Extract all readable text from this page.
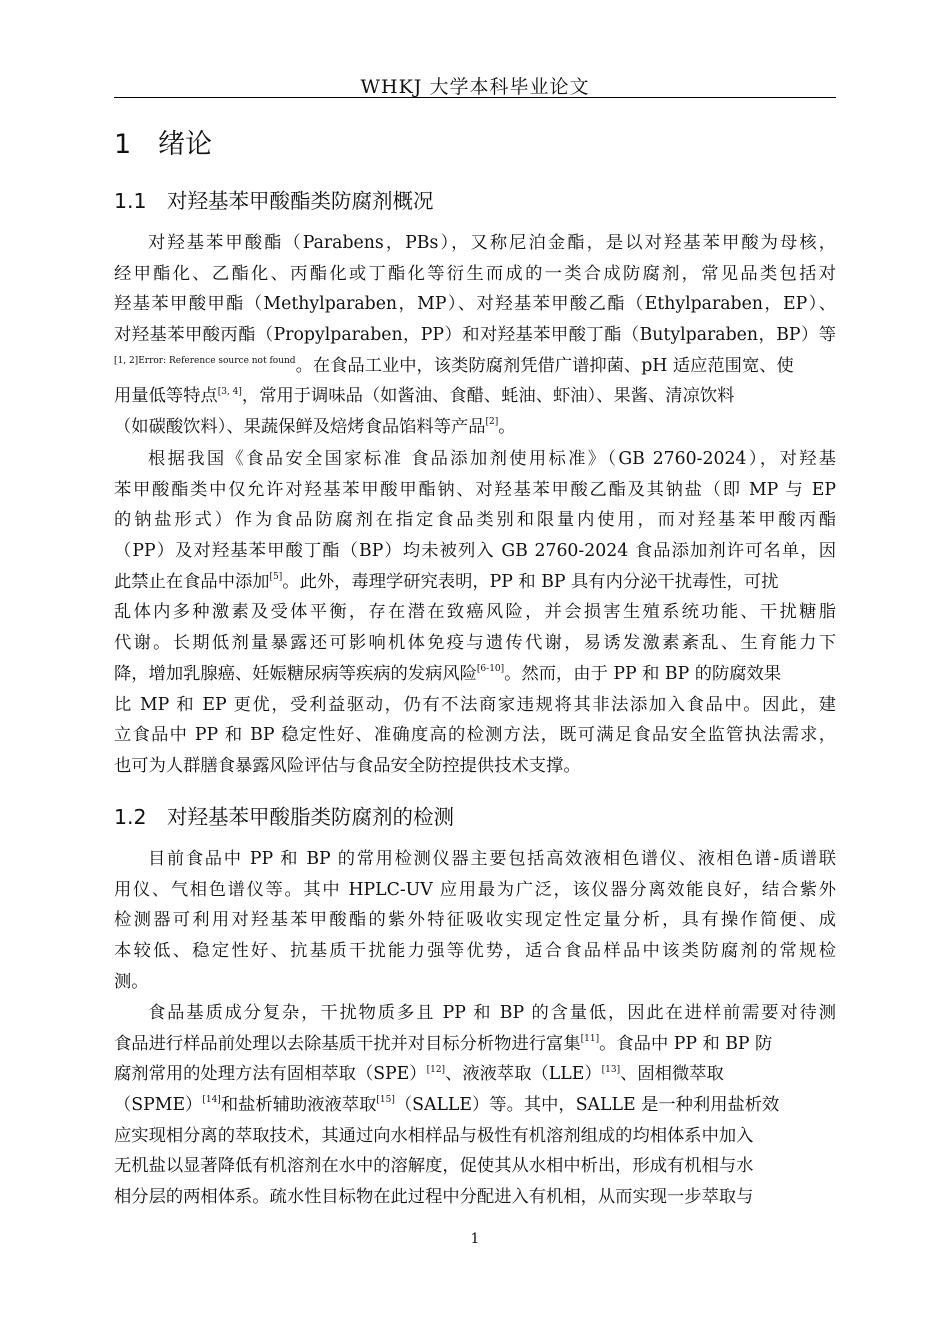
WHKJ 大学本科毕业论文
1 绪论
1.1 对羟基苯甲酸酯类防腐剂概况
对羟基苯甲酸酯（Parabens，PBs），又称尼泊金酯，是以对羟基苯甲酸为母核，
经甲酯化、乙酯化、丙酯化或丁酯化等衍生而成的一类合成防腐剂，常见品类包括对
羟基苯甲酸甲酯（Methylparaben，MP）、对羟基苯甲酸乙酯（Ethylparaben，EP）、
对羟基苯甲酸丙酯（Propylparaben，PP）和对羟基苯甲酸丁酯（Butylparaben，BP）等
$^{[1, 2]Error: Reference source not found}$。在食品工业中，该类防腐剂凭借广谱抑菌、pH 适应范围宽、使
用量低等特点[3, 4]，常用于调味品（如酱油、食醋、蚝油、虾油）、果酱、清凉饮料
（如碳酸饮料）、果蔬保鲜及焙烤食品馅料等产品[2]。
根据我国《食品安全国家标准 食品添加剂使用标准》（GB 2760-2024），对羟基
苯甲酸酯类中仅允许对羟基苯甲酸甲酯钠、对羟基苯甲酸乙酯及其钠盐（即 MP 与 EP
的钠盐形式）作为食品防腐剂在指定食品类别和限量内使用，而对羟基苯甲酸丙酯
（PP）及对羟基苯甲酸丁酯（BP）均未被列入 GB 2760-2024 食品添加剂许可名单，因
此禁止在食品中添加[5]。此外，毒理学研究表明，PP 和 BP 具有内分泌干扰毒性，可扰
乱体内多种激素及受体平衡，存在潜在致癌风险，并会损害生殖系统功能、干扰糖脂
代谢。长期低剂量暴露还可影响机体免疫与遗传代谢，易诱发激素紊乱、生育能力下
降，增加乳腺癌、妊娠糖尿病等疾病的发病风险[6-10]。然而，由于 PP 和 BP 的防腐效果
比 MP 和 EP 更优，受利益驱动，仍有不法商家违规将其非法添加入食品中。因此，建
立食品中 PP 和 BP 稳定性好、准确度高的检测方法，既可满足食品安全监管执法需求，
也可为人群膳食暴露风险评估与食品安全防控提供技术支撑。
1.2 对羟基苯甲酸脂类防腐剂的检测
目前食品中 PP 和 BP 的常用检测仪器主要包括高效液相色谱仪、液相色谱-质谱联
用仪、气相色谱仪等。其中 HPLC-UV 应用最为广泛，该仪器分离效能良好，结合紫外
检测器可利用对羟基苯甲酸酯的紫外特征吸收实现定性定量分析，具有操作简便、成
本较低、稳定性好、抗基质干扰能力强等优势，适合食品样品中该类防腐剂的常规检
测。
食品基质成分复杂，干扰物质多且 PP 和 BP 的含量低，因此在进样前需要对待测
食品进行样品前处理以去除基质干扰并对目标分析物进行富集[11]。食品中 PP 和 BP 防
腐剂常用的处理方法有固相萃取（SPE）[12]、液液萃取（LLE）[13]、固相微萃取
（SPME）[14]和盐析辅助液液萃取[15]（SALLE）等。其中，SALLE 是一种利用盐析效
应实现相分离的萃取技术，其通过向水相样品与极性有机溶剂组成的均相体系中加入
无机盐以显著降低有机溶剂在水中的溶解度，促使其从水相中析出，形成有机相与水
相分层的两相体系。疏水性目标物在此过程中分配进入有机相，从而实现一步萃取与
1
